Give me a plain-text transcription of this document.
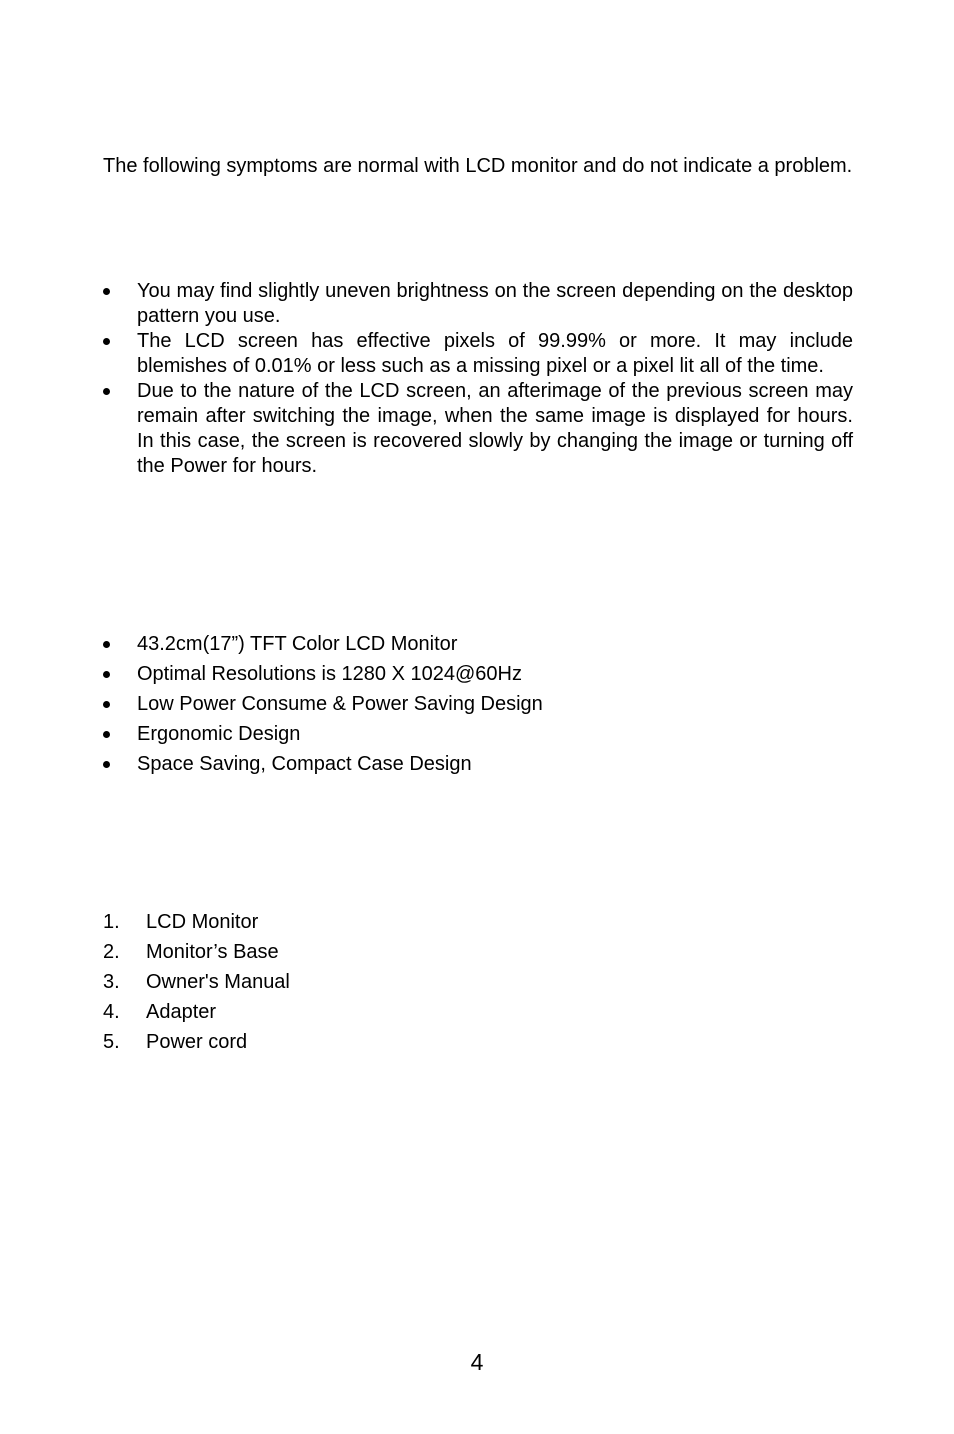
The following symptoms are normal with LCD monitor and do not indicate a problem.

You may find slightly uneven brightness on the screen depending on the desktop pattern you use.
The LCD screen has effective pixels of 99.99% or more. It may include blemishes of 0.01% or less such as a missing pixel or a pixel lit all of the time.
Due to the nature of the LCD screen, an afterimage of the previous screen may remain after switching the image, when the same image is displayed for hours. In this case, the screen is recovered slowly by changing the image or turning off the Power for hours.
43.2cm(17”) TFT Color LCD Monitor
Optimal Resolutions is 1280 X 1024@60Hz
Low Power Consume & Power Saving Design
Ergonomic Design
Space Saving, Compact Case Design
1. LCD Monitor
2. Monitor’s Base
3. Owner's Manual
4. Adapter
5. Power cord
4
